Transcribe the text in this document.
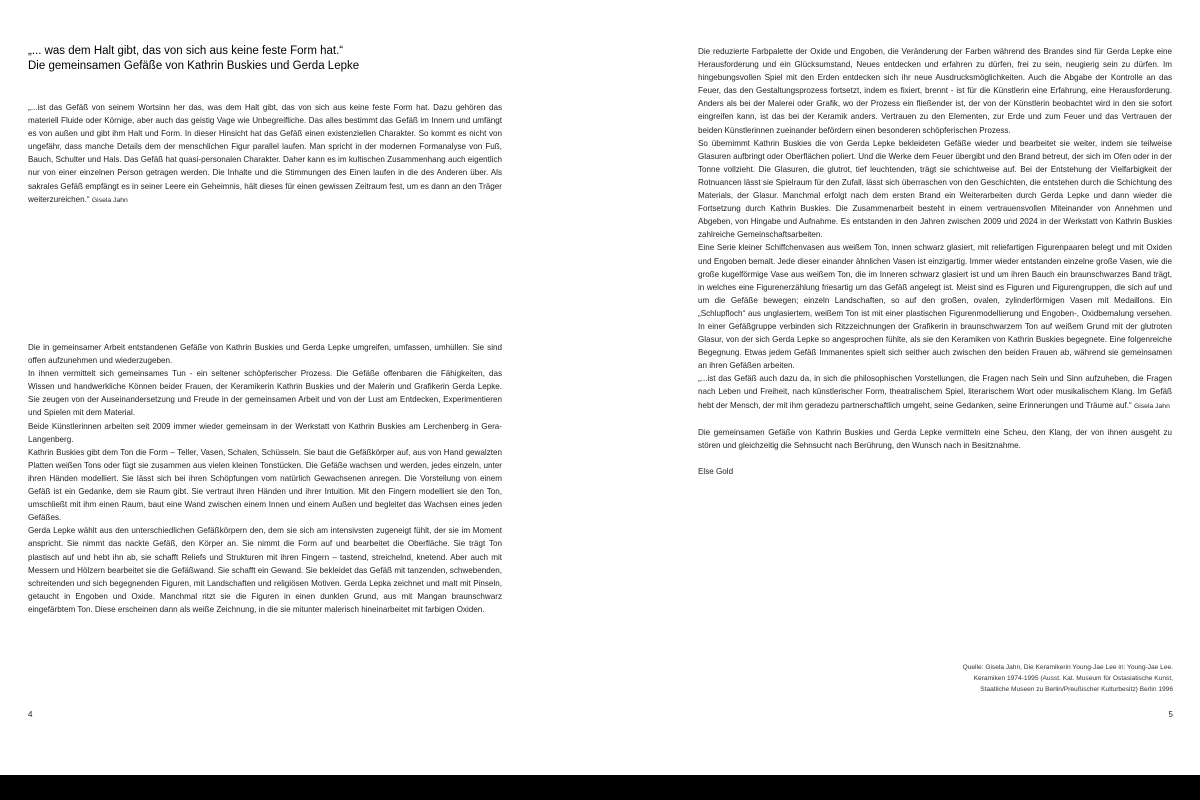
„... was dem Halt gibt, das von sich aus keine feste Form hat.“
Die gemeinsamen Gefäße von Kathrin Buskies und Gerda Lepke

„...ist das Gefäß von seinem Wortsinn her das, was dem Halt gibt, das von sich aus keine feste Form hat. Dazu gehören das materiell Fluide oder Körnige, aber auch das geistig Vage wie Unbegreifliche. Das alles bestimmt das Gefäß im Innern und umfängt es von außen und gibt ihm Halt und Form. In dieser Hinsicht hat das Gefäß einen existenziellen Charakter. So kommt es nicht von ungefähr, dass manche Details dem der menschlichen Figur parallel laufen. Man spricht in der modernen Formanalyse von Fuß, Bauch, Schulter und Hals. Das Gefäß hat quasi-personalen Charakter. Daher kann es im kultischen Zusammenhang auch eigentlich nur von einer einzelnen Person getragen werden. Die Inhalte und die Stimmungen des Einen laufen in die des Anderen über. Als sakrales Gefäß empfängt es in seiner Leere ein Geheimnis, hält dieses für einen gewissen Zeitraum fest, um es dann an den Träger weiterzureichen.“ Gisela Jahn

Die in gemeinsamer Arbeit entstandenen Gefäße von Kathrin Buskies und Gerda Lepke umgreifen, umfassen, umhüllen. Sie sind offen aufzunehmen und wiederzugeben.

In ihnen vermittelt sich gemeinsames Tun - ein seltener schöpferischer Prozess. Die Gefäße offenbaren die Fähigkeiten, das Wissen und handwerkliche Können beider Frauen, der Keramikerin Kathrin Buskies und der Malerin und Grafikerin Gerda Lepke. Sie zeugen von der Auseinandersetzung und Freude in der gemeinsamen Arbeit und von der Lust am Entdecken, Experimentieren und Spielen mit dem Material.

Beide Künstlerinnen arbeiten seit 2009 immer wieder gemeinsam in der Werkstatt von Kathrin Buskies am Lerchenberg in Gera-Langenberg.

Kathrin Buskies gibt dem Ton die Form – Teller, Vasen, Schalen, Schüsseln. Sie baut die Gefäßkörper auf, aus von Hand gewalzten Platten weißen Tons oder fügt sie zusammen aus vielen kleinen Tonstücken. Die Gefäße wachsen und werden, jedes einzeln, unter ihren Händen modelliert. Sie lässt sich bei ihren Schöpfungen vom natürlich Gewachsenen anregen. Die Vorstellung von einem Gefäß ist ein Gedanke, dem sie Raum gibt. Sie vertraut ihren Händen und ihrer Intuition. Mit den Fingern modelliert sie den Ton, umschließt mit ihm einen Raum, baut eine Wand zwischen einem Innen und einem Außen und begleitet das Wachsen eines jeden Gefäßes.

Gerda Lepke wählt aus den unterschiedlichen Gefäßkörpern den, dem sie sich am intensivsten zugeneigt fühlt, der sie im Moment anspricht. Sie nimmt das nackte Gefäß, den Körper an. Sie nimmt die Form auf und bearbeitet die Oberfläche. Sie trägt Ton plastisch auf und hebt ihn ab, sie schafft Reliefs und Strukturen mit ihren Fingern – tastend, streichelnd, knetend. Aber auch mit Messern und Hölzern bearbeitet sie die Gefäßwand. Sie schafft ein Gewand. Sie bekleidet das Gefäß mit tanzenden, schwebenden, schreitenden und sich begegnenden Figuren, mit Landschaften und religiösen Motiven. Gerda Lepka zeichnet und malt mit Pinseln, getaucht in Engoben und Oxide. Manchmal ritzt sie die Figuren in einen dunklen Grund, aus mit Mangan braunschwarz eingefärbtem Ton. Diese erscheinen dann als weiße Zeichnung, in die sie mitunter malerisch hineinarbeitet mit farbigen Oxiden.

4

Die reduzierte Farbpalette der Oxide und Engoben, die Veränderung der Farben während des Brandes sind für Gerda Lepke eine Herausforderung und ein Glücksumstand, Neues entdecken und erfahren zu dürfen, frei zu sein, neugierig sein zu dürfen. Im hingebungsvollen Spiel mit den Erden entdecken sich ihr neue Ausdrucksmöglichkeiten. Auch die Abgabe der Kontrolle an das Feuer, das den Gestaltungsprozess fortsetzt, indem es fixiert, brennt - ist für die Künstlerin eine Erfahrung, eine Herausforderung. Anders als bei der Malerei oder Grafik, wo der Prozess ein fließender ist, der von der Künstlerin beobachtet wird in den sie sofort eingreifen kann, ist das bei der Keramik anders. Vertrauen zu den Elementen, zur Erde und zum Feuer und das Vertrauen der beiden Künstlerinnen zueinander befördern einen besonderen schöpferischen Prozess.

So übernimmt Kathrin Buskies die von Gerda Lepke bekleideten Gefäße wieder und bearbeitet sie weiter, indem sie teilweise Glasuren aufbringt oder Oberflächen poliert. Und die Werke dem Feuer übergibt und den Brand betreut, der sich im Ofen oder in der Tonne vollzieht. Die Glasuren, die glutrot, tief leuchtenden, trägt sie schichtweise auf. Bei der Entstehung der Vielfarbigkeit der Rotnuancen lässt sie Spielraum für den Zufall, lässt sich überraschen von den Geschichten, die entstehen durch die Schichtung des Materials, der Glasur. Manchmal erfolgt nach dem ersten Brand ein Weiterarbeiten durch Gerda Lepke und dann wieder die Fortsetzung durch Kathrin Buskies. Die Zusammenarbeit besteht in einem vertrauensvollen Miteinander von Annehmen und Abgeben, von Hingabe und Aufnahme. Es entstanden in den Jahren zwischen 2009 und 2024 in der Werkstatt von Kathrin Buskies zahlreiche Gemeinschaftsarbeiten.

Eine Serie kleiner Schiffchenvasen aus weißem Ton, innen schwarz glasiert, mit reliefartigen Figurenpaaren belegt und mit Oxiden und Engoben bemalt. Jede dieser einander ähnlichen Vasen ist einzigartig. Immer wieder entstanden einzelne große Vasen, wie die große kugelförmige Vase aus weißem Ton, die im Inneren schwarz glasiert ist und um ihren Bauch ein braunschwarzes Band trägt, in welches eine Figurenerzählung friesartig um das Gefäß angelegt ist. Meist sind es Figuren und Figurengruppen, die sich auf und um die Gefäße bewegen; einzeln Landschaften, so auf den großen, ovalen, zylinderförmigen Vasen mit Medaillons. Ein „Schlupfloch“ aus unglasiertem, weißem Ton ist mit einer plastischen Figurenmodellierung und Engoben-, Oxidbemalung versehen. In einer Gefäßgruppe verbinden sich Ritzzeichnungen der Grafikerin in braunschwarzem Ton auf weißem Grund mit der glutroten Glasur, von der sich Gerda Lepke so angesprochen fühlte, als sie den Keramiken von Kathrin Buskies begegnete. Eine folgenreiche Begegnung. Etwas jedem Gefäß Immanentes spielt sich seither auch zwischen den beiden Frauen ab, während sie gemeinsamen an ihren Gefäßen arbeiten.

„...ist das Gefäß auch dazu da, in sich die philosophischen Vorstellungen, die Fragen nach Sein und Sinn aufzuheben, die Fragen nach Leben und Freiheit, nach künstlerischer Form, theatralischem Spiel, literarischem Wort oder musikalischem Klang. Im Gefäß hebt der Mensch, der mit ihm geradezu partnerschaftlich umgeht, seine Gedanken, seine Erinnerungen und Träume auf.“ Gisela Jahn

Die gemeinsamen Gefäße von Kathrin Buskies und Gerda Lepke vermitteln eine Scheu, den Klang, der von ihnen ausgeht zu stören und gleichzeitig die Sehnsucht nach Berührung, den Wunsch nach in Besitznahme.

Else Gold

Quelle: Gisela Jahn, Die Keramikerin Young-Jae Lee in: Young-Jae Lee.
Keramiken 1974-1995 (Ausst. Kat. Museum für Ostasiatische Kunst,
Staatliche Museen zu Berlin/Preußischer Kulturbesitz) Berlin 1996
5
